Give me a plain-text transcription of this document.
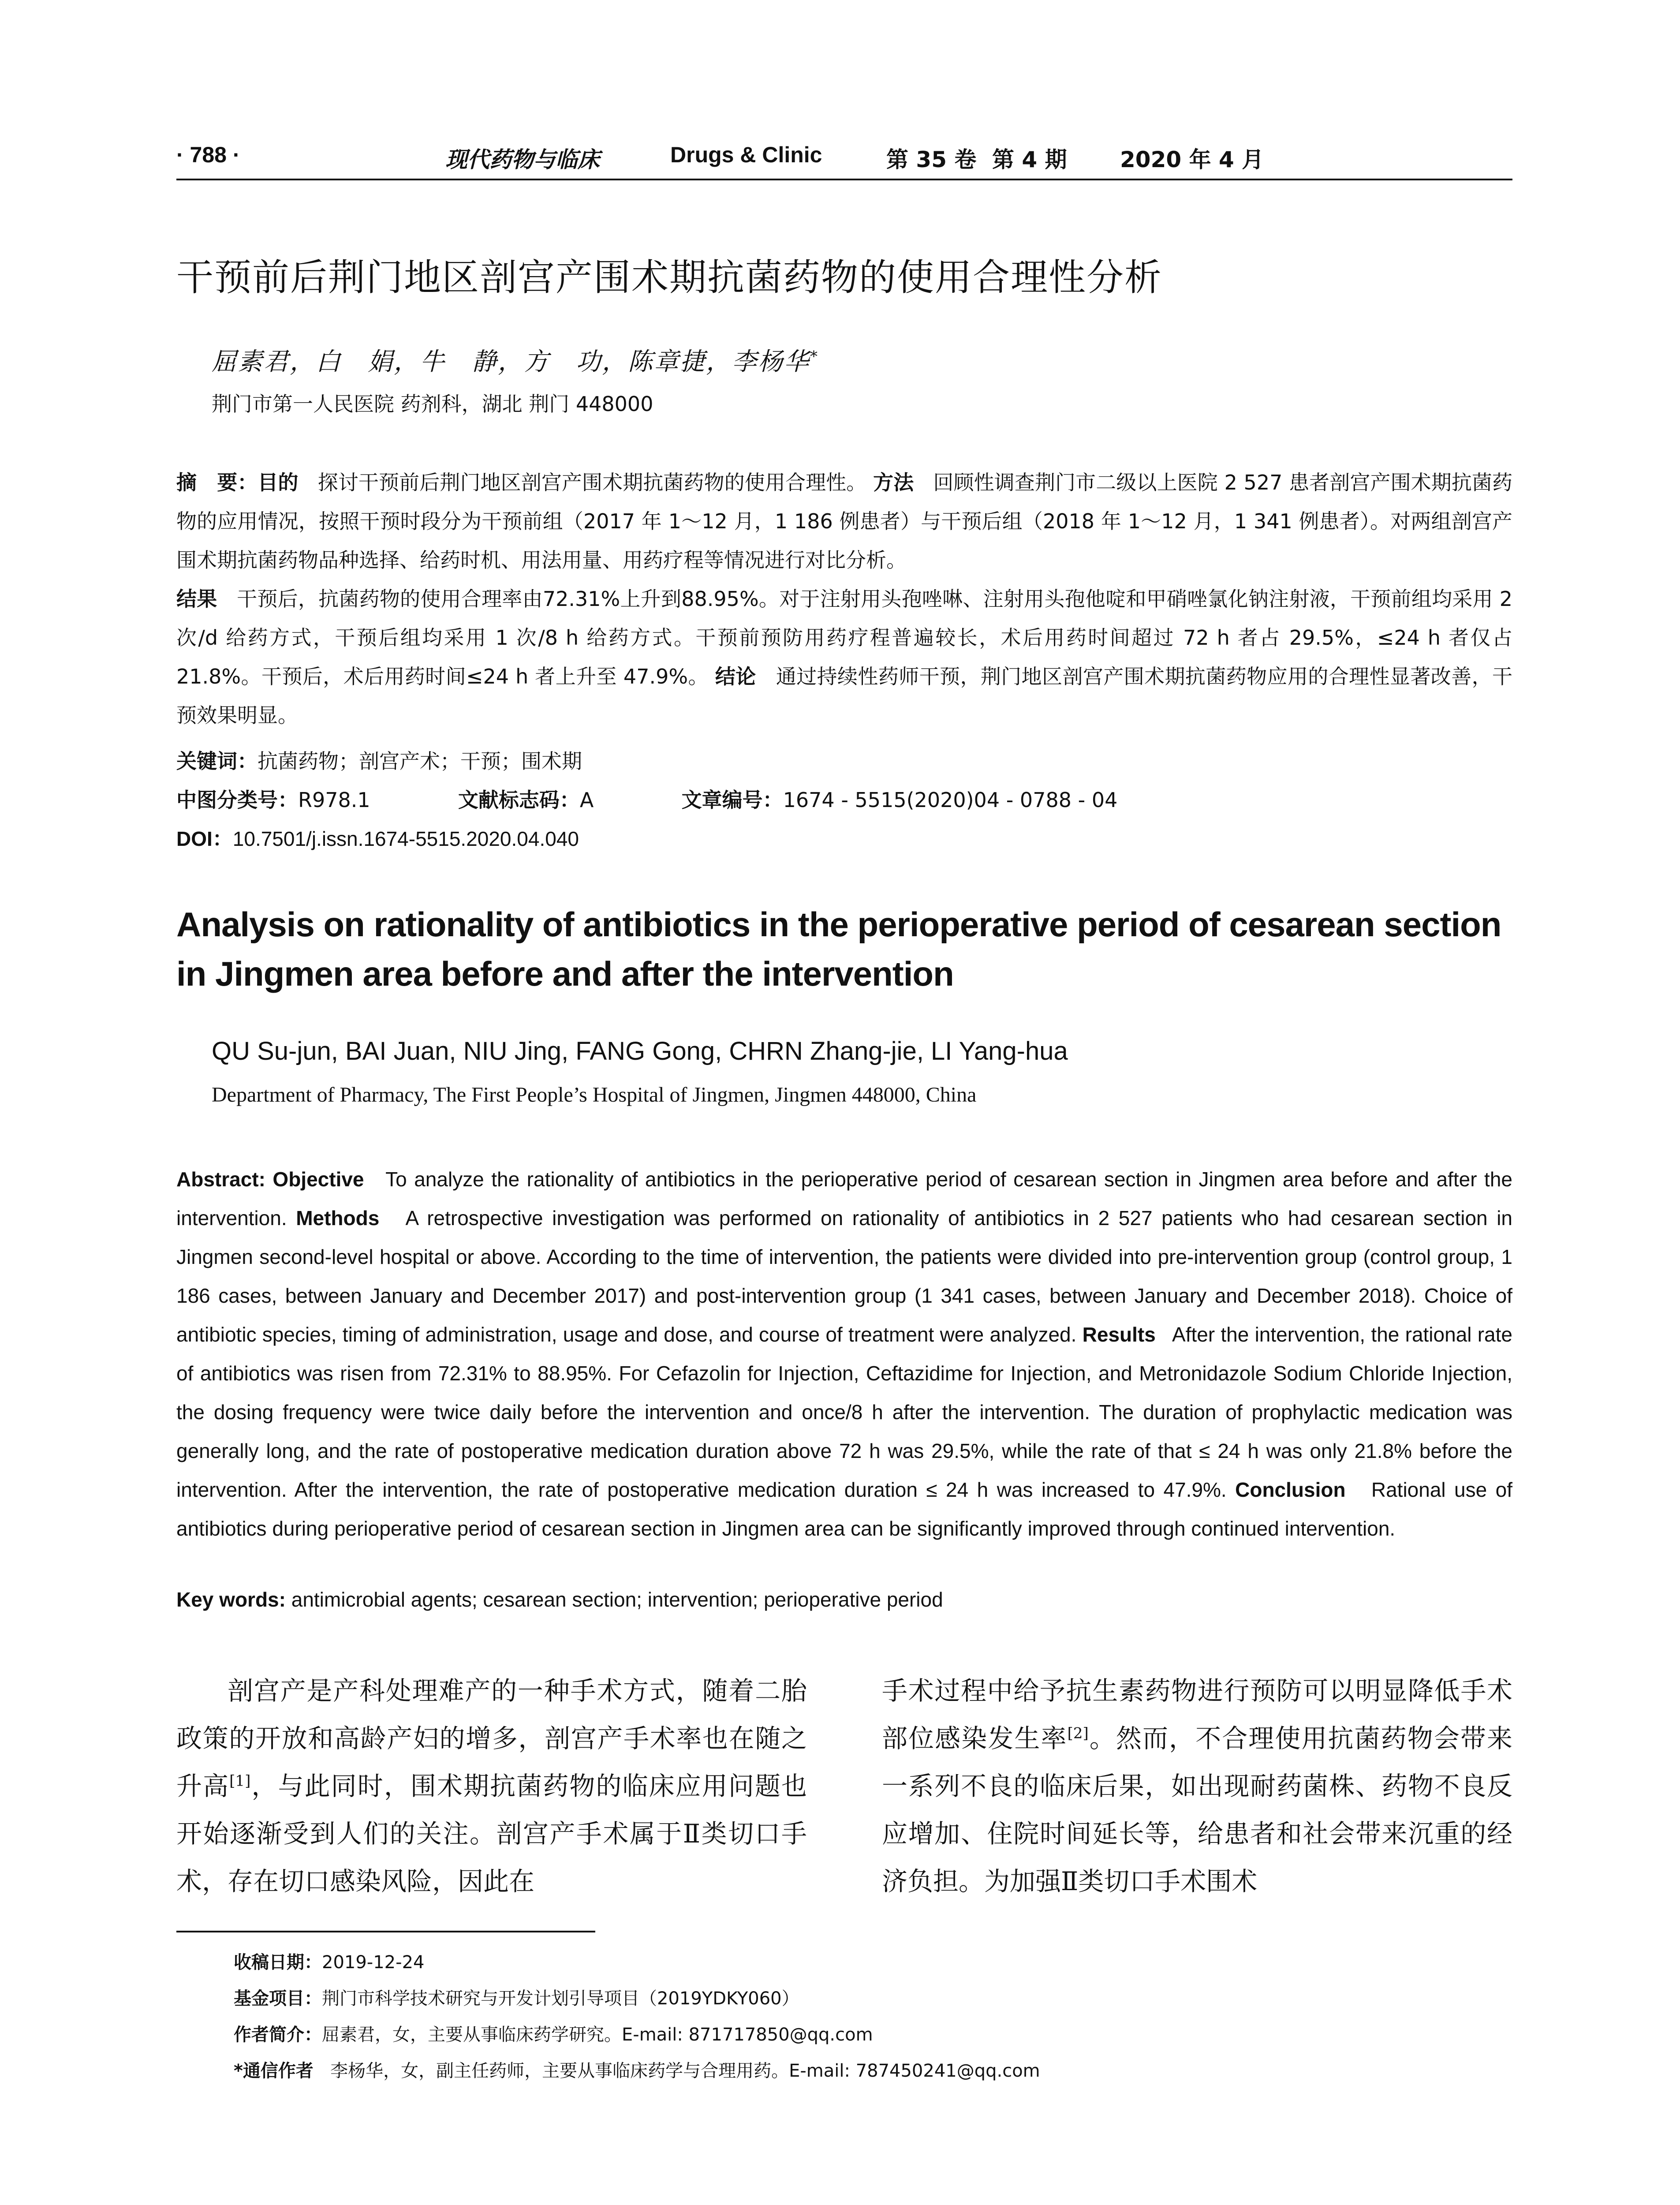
· 788 ·	现代药物与临床	Drugs & Clinic	第 35 卷 第 4 期 2020 年 4 月
干预前后荆门地区剖宫产围术期抗菌药物的使用合理性分析
屈素君，白　娟，牛　静，方　功，陈章捷，李杨华*
荆门市第一人民医院 药剂科，湖北 荆门 448000
摘　要：目的 探讨干预前后荆门地区剖宫产围术期抗菌药物的使用合理性。 方法 回顾性调查荆门市二级以上医院 2 527 患者剖宫产围术期抗菌药物的应用情况，按照干预时段分为干预前组（2017 年 1～12 月，1 186 例患者）与干预后组（2018 年 1～12 月，1 341 例患者）。对两组剖宫产围术期抗菌药物品种选择、给药时机、用法用量、用药疗程等情况进行对比分析。
结果 干预后，抗菌药物的使用合理率由72.31%上升到88.95%。对于注射用头孢唑啉、注射用头孢他啶和甲硝唑氯化钠注射液，干预前组均采用 2 次/d 给药方式，干预后组均采用 1 次/8 h 给药方式。干预前预防用药疗程普遍较长，术后用药时间超过 72 h 者占 29.5%，≤24 h 者仅占 21.8%。干预后，术后用药时间≤24 h 者上升至 47.9%。 结论 通过持续性药师干预，荆门地区剖宫产围术期抗菌药物应用的合理性显著改善，干预效果明显。
关键词：抗菌药物；剖宫产术；干预；围术期
中图分类号：R978.1	文献标志码：A	文章编号：1674 - 5515(2020)04 - 0788 - 04
DOI：10.7501/j.issn.1674-5515.2020.04.040
Analysis on rationality of antibiotics in the perioperative period of cesarean section in Jingmen area before and after the intervention
QU Su-jun, BAI Juan, NIU Jing, FANG Gong, CHRN Zhang-jie, LI Yang-hua
Department of Pharmacy, The First People’s Hospital of Jingmen, Jingmen 448000, China
Abstract: Objective To analyze the rationality of antibiotics in the perioperative period of cesarean section in Jingmen area before and after the intervention. Methods A retrospective investigation was performed on rationality of antibiotics in 2 527 patients who had cesarean section in Jingmen second-level hospital or above. According to the time of intervention, the patients were divided into pre-intervention group (control group, 1 186 cases, between January and December 2017) and post-intervention group (1 341 cases, between January and December 2018). Choice of antibiotic species, timing of administration, usage and dose, and course of treatment were analyzed. Results After the intervention, the rational rate of antibiotics was risen from 72.31% to 88.95%. For Cefazolin for Injection, Ceftazidime for Injection, and Metronidazole Sodium Chloride Injection, the dosing frequency were twice daily before the intervention and once/8 h after the intervention. The duration of prophylactic medication was generally long, and the rate of postoperative medication duration above 72 h was 29.5%, while the rate of that ≤ 24 h was only 21.8% before the intervention. After the intervention, the rate of postoperative medication duration ≤ 24 h was increased to 47.9%. Conclusion Rational use of antibiotics during perioperative period of cesarean section in Jingmen area can be significantly improved through continued intervention.
Key words: antimicrobial agents; cesarean section; intervention; perioperative period
剖宫产是产科处理难产的一种手术方式，随着二胎政策的开放和高龄产妇的增多，剖宫产手术率也在随之升高[1]，与此同时，围术期抗菌药物的临床应用问题也开始逐渐受到人们的关注。剖宫产手术属于Ⅱ类切口手术，存在切口感染风险，因此在
手术过程中给予抗生素药物进行预防可以明显降低手术部位感染发生率[2]。然而，不合理使用抗菌药物会带来一系列不良的临床后果，如出现耐药菌株、药物不良反应增加、住院时间延长等，给患者和社会带来沉重的经济负担。为加强Ⅱ类切口手术围术
收稿日期：2019-12-24
基金项目：荆门市科学技术研究与开发计划引导项目（2019YDKY060）
作者简介：屈素君，女，主要从事临床药学研究。E-mail: 871717850@qq.com
*通信作者 李杨华，女，副主任药师，主要从事临床药学与合理用药。E-mail: 787450241@qq.com
